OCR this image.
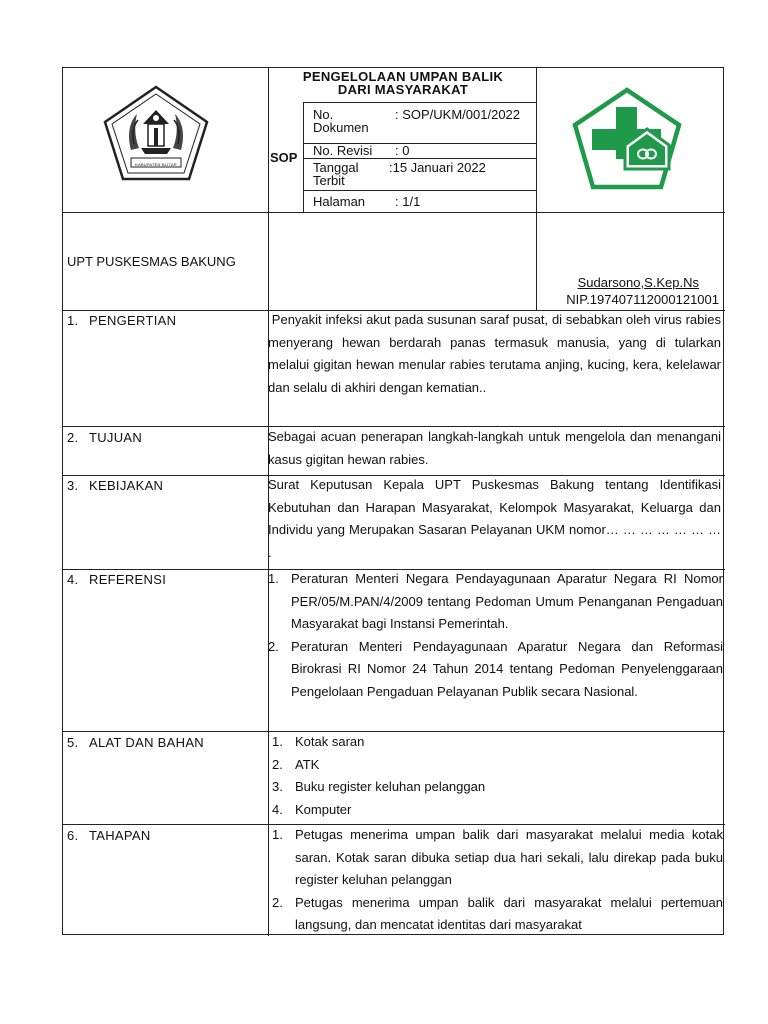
KABUPATEN BLITAR
PENGELOLAAN UMPAN BALIK
DARI MASYARAKAT
SOP
No.
Dokumen
: SOP/UKM/001/2022
No. Revisi : 0
Tanggal
Terbit
:15 Januari 2022
Halaman : 1/1
UPT PUSKESMAS BAKUNG
Sudarsono,S.Kep.Ns
NIP.197407112000121001
1. PENGERTIAN	Penyakit infeksi akut pada susunan saraf pusat, di sebabkan oleh virus rabies menyerang hewan berdarah panas termasuk manusia, yang di tularkan melalui gigitan hewan menular rabies terutama anjing, kucing, kera, kelelawar dan selalu di akhiri dengan kematian..

2. TUJUAN	Sebagai acuan penerapan langkah-langkah untuk mengelola dan menangani kasus gigitan hewan rabies.

3. KEBIJAKAN	Surat Keputusan Kepala UPT Puskesmas Bakung tentang Identifikasi Kebutuhan dan Harapan Masyarakat, Kelompok Masyarakat, Keluarga dan Individu yang Merupakan Sasaran Pelayanan UKM nomor… … … … … … … .

4. REFERENSI	1. Peraturan Menteri Negara Pendayagunaan Aparatur Negara RI Nomor PER/05/M.PAN/4/2009 tentang Pedoman Umum Penanganan Pengaduan Masyarakat bagi Instansi Pemerintah.
2. Peraturan Menteri Pendayagunaan Aparatur Negara dan Reformasi Birokrasi RI Nomor 24 Tahun 2014 tentang Pedoman Penyelenggaraan Pengelolaan Pengaduan Pelayanan Publik secara Nasional.
5. ALAT DAN BAHAN	1. Kotak saran
2. ATK
3. Buku register keluhan pelanggan
4. Komputer
6. TAHAPAN	1. Petugas menerima umpan balik dari masyarakat melalui media kotak saran. Kotak saran dibuka setiap dua hari sekali, lalu direkap pada buku register keluhan pelanggan
2. Petugas menerima umpan balik dari masyarakat melalui pertemuan langsung, dan mencatat identitas dari masyarakat
